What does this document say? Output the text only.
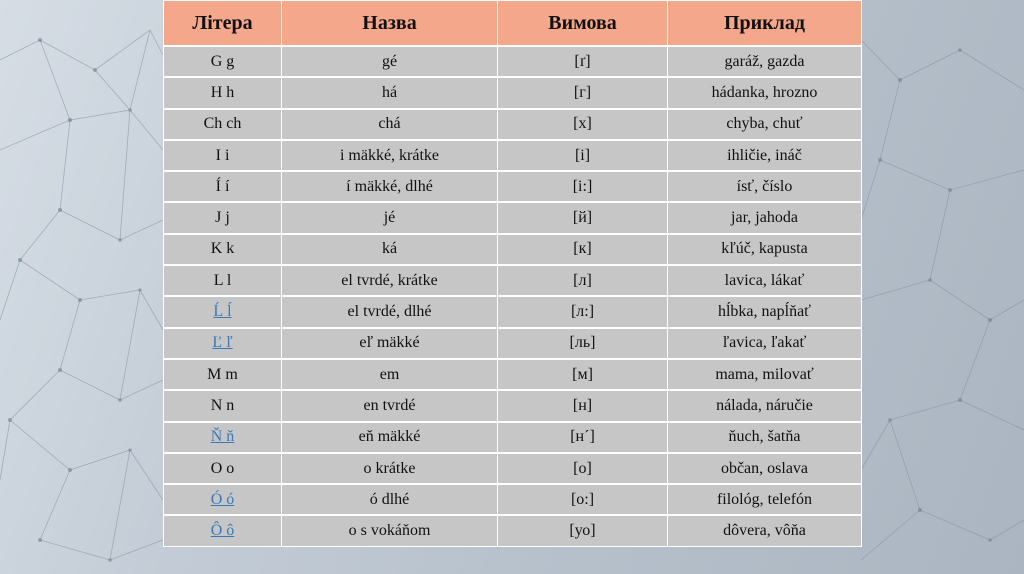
Літера	Назва	Вимова	Приклад
G g	gé	[ґ]	garáž, gazda
H h	há	[г]	hádanka, hrozno
Ch ch	chá	[х]	chyba, chuť
I i	i mäkké, krátke	[і]	ihličie, ináč
Í í	í mäkké, dlhé	[і:]	ísť, číslo
J j	jé	[й]	jar, jahoda
K k	ká	[к]	kľúč, kapusta
L l	el tvrdé, krátke	[л]	lavica, lákať
Ĺ ĺ	el tvrdé, dlhé	[л:]	hĺbka, napĺňať
Ľ ľ	eľ mäkké	[ль]	ľavica, ľakať
M m	em	[м]	mama, milovať
N n	en tvrdé	[н]	nálada, náručie
Ň ň	eň mäkké	[н´]	ňuch, šatňa
O o	o krátke	[о]	občan, oslava
Ó ó	ó dlhé	[о:]	filológ, telefón
Ô ô	o s vokáňom	[уо]	dôvera, vôňa
